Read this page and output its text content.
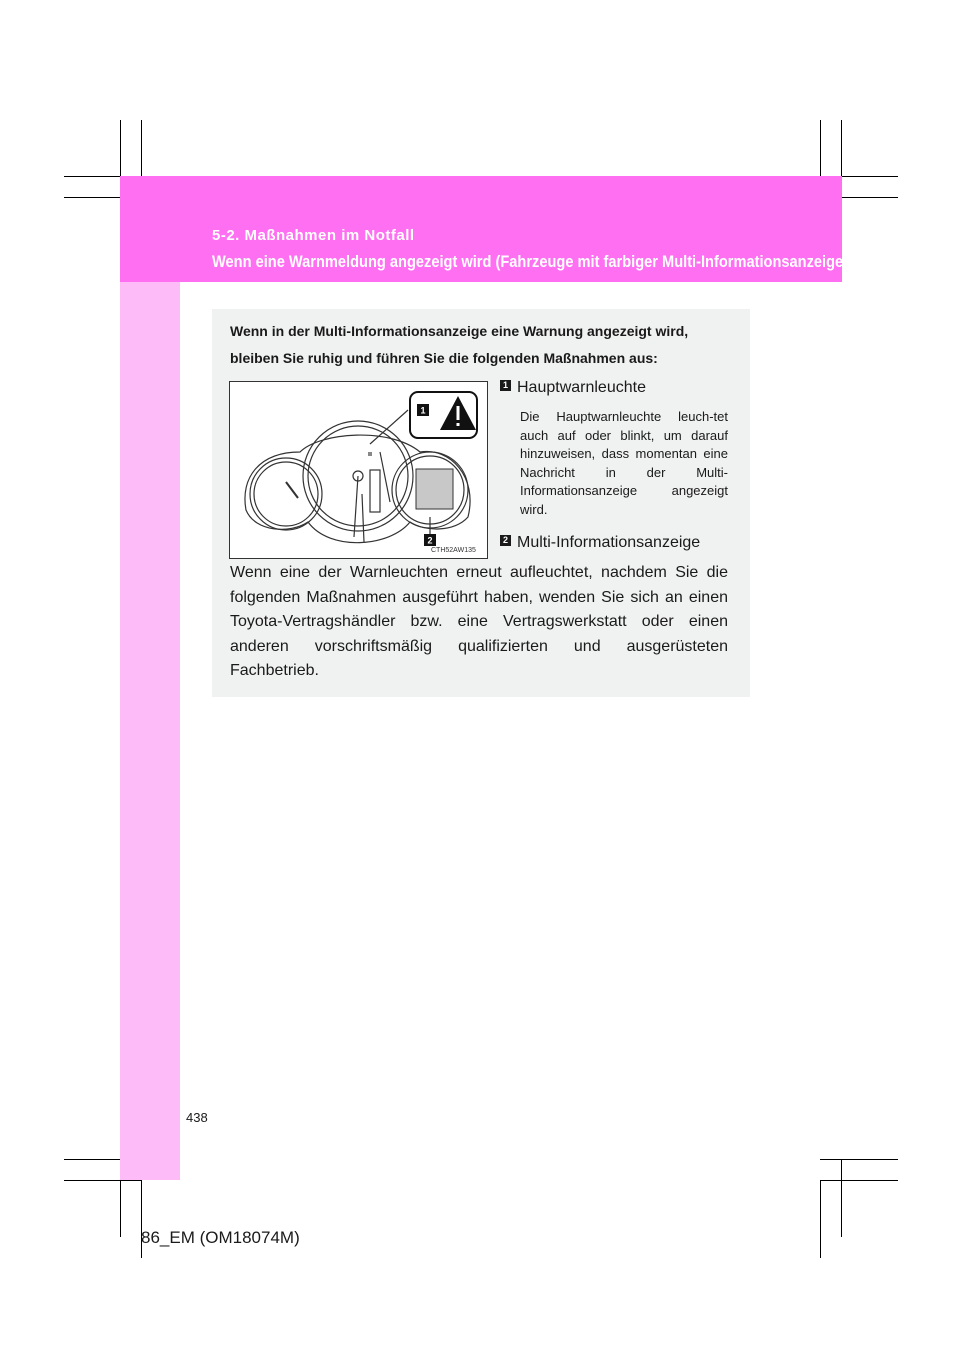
5-2. Maßnahmen im Notfall
Wenn eine Warnmeldung angezeigt wird (Fahrzeuge mit farbiger Multi-Informationsanzeige)
Wenn in der Multi-Informationsanzeige eine Warnung angezeigt wird, bleiben Sie ruhig und führen Sie die folgenden Maßnahmen aus:
1
2
CTH52AW135
1 Hauptwarnleuchte
Die Hauptwarnleuchte leuch-tet auch auf oder blinkt, um darauf hinzuweisen, dass momentan eine Nachricht in der Multi-Informationsanzeige angezeigt wird.
2 Multi-Informationsanzeige
Wenn eine der Warnleuchten erneut aufleuchtet, nachdem Sie die folgenden Maßnahmen ausgeführt haben, wenden Sie sich an einen Toyota-Vertragshändler bzw. eine Vertragswerkstatt oder einen anderen vorschriftsmäßig qualifizierten und ausgerüsteten Fachbetrieb.
438
86_EM (OM18074M)
